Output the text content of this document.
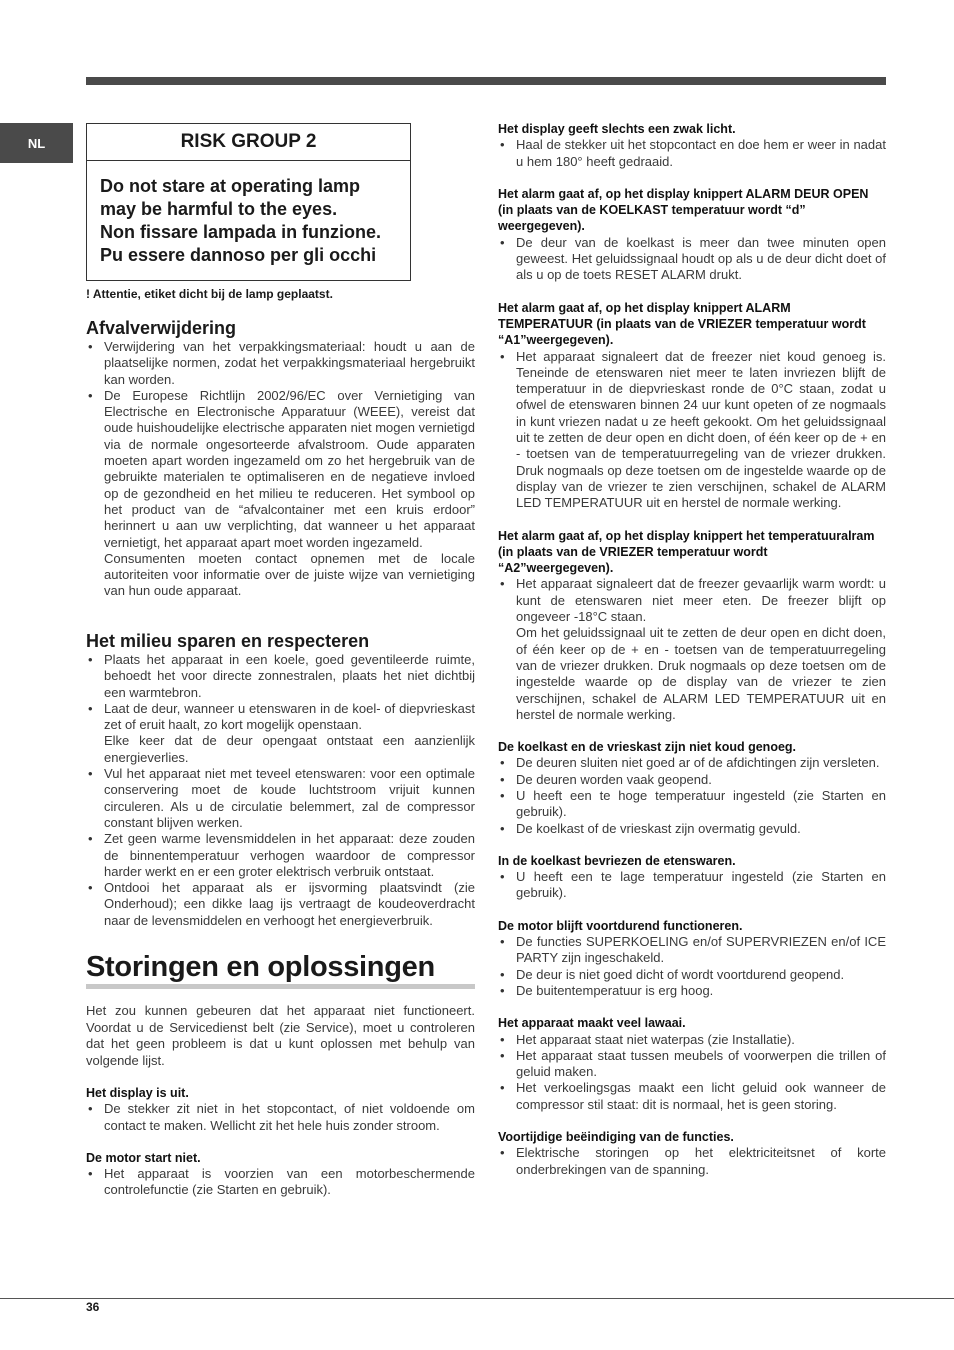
NL	RISK GROUP 2
Do not stare at operating lamp
may be harmful to the eyes.
Non fissare lampada in funzione.
Pu essere dannoso per gli occhi
! Attentie, etiket dicht bij de lamp geplaatst.
Afvalverwijdering
• Verwijdering van het verpakkingsmateriaal: houdt u aan de plaatselijke normen, zodat het verpakkingsmateriaal hergebruikt kan worden.
• De Europese Richtlijn 2002/96/EC over Vernietiging van Electrische en Electronische Apparatuur (WEEE), vereist dat oude huishoudelijke electrische apparaten niet mogen vernietigd via de normale ongesorteerde afvalstroom. Oude apparaten moeten apart worden ingezameld om zo het hergebruik van de gebruikte materialen te optimaliseren en de negatieve invloed op de gezondheid en het milieu te reduceren. Het symbool op het product van de “afvalcontainer met een kruis erdoor” herinnert u aan uw verplichting, dat wanneer u het apparaat vernietigt, het apparaat apart moet worden ingezameld.
Consumenten moeten contact opnemen met de locale autoriteiten voor informatie over de juiste wijze van vernietiging van hun oude apparaat.
Het milieu sparen en respecteren
• Plaats het apparaat in een koele, goed geventileerde ruimte, behoedt het voor directe zonnestralen, plaats het niet dichtbij een warmtebron.
• Laat de deur, wanneer u etenswaren in de koel- of diepvrieskast zet of eruit haalt, zo kort mogelijk openstaan.
Elke keer dat de deur opengaat ontstaat een aanzienlijk energieverlies.
• Vul het apparaat niet met teveel etenswaren: voor een optimale conservering moet de koude luchtstroom vrijuit kunnen circuleren. Als u de circulatie belemmert, zal de compressor constant blijven werken.
• Zet geen warme levensmiddelen in het apparaat: deze zouden de binnentemperatuur verhogen waardoor de compressor harder werkt en er een groter elektrisch verbruik ontstaat.
• Ontdooi het apparaat als er ijsvorming plaatsvindt (zie Onderhoud); een dikke laag ijs vertraagt de koudeoverdracht naar de levensmiddelen en verhoogt het energieverbruik.
Storingen en oplossingen

Het zou kunnen gebeuren dat het apparaat niet functioneert. Voordat u de Servicedienst belt (zie Service), moet u controleren dat het geen probleem is dat u kunt oplossen met behulp van volgende lijst.

Het display is uit.
• De stekker zit niet in het stopcontact, of niet voldoende om contact te maken. Wellicht zit het hele huis zonder stroom.
De motor start niet.
• Het apparaat is voorzien van een motorbeschermende controlefunctie (zie Starten en gebruik).
Het display geeft slechts een zwak licht.
• Haal de stekker uit het stopcontact en doe hem er weer in nadat u hem 180° heeft gedraaid.
Het alarm gaat af, op het display knippert ALARM DEUR OPEN (in plaats van de KOELKAST temperatuur wordt “d” weergegeven).
• De deur van de koelkast is meer dan twee minuten open geweest. Het geluidssignaal houdt op als u de deur dicht doet of als u op de toets RESET ALARM drukt.
Het alarm gaat af, op het display knippert ALARM TEMPERATUUR (in plaats van de VRIEZER temperatuur wordt “A1”weergegeven).
• Het apparaat signaleert dat de freezer niet koud genoeg is. Teneinde de etenswaren niet meer te laten invriezen blijft de temperatuur in de diepvrieskast ronde de 0°C staan, zodat u ofwel de etenswaren binnen 24 uur kunt opeten of ze nogmaals in kunt vriezen nadat u ze heeft gekookt. Om het geluidssignaal uit te zetten de deur open en dicht doen, of één keer op de + en - toetsen van de temperatuurregeling van de vriezer drukken. Druk nogmaals op deze toetsen om de ingestelde waarde op de display van de vriezer te zien verschijnen, schakel de ALARM LED TEMPERATUUR uit en herstel de normale werking.
Het alarm gaat af, op het display knippert het temperatuuralram (in plaats van de VRIEZER temperatuur wordt “A2”weergegeven).
• Het apparaat signaleert dat de freezer gevaarlijk warm wordt: u kunt de etenswaren niet meer eten. De freezer blijft op ongeveer -18°C staan.
Om het geluidssignaal uit te zetten de deur open en dicht doen, of één keer op de + en - toetsen van de temperatuurregeling van de vriezer drukken. Druk nogmaals op deze toetsen om de ingestelde waarde op de display van de vriezer te zien verschijnen, schakel de ALARM LED TEMPERATUUR uit en herstel de normale werking.
De koelkast en de vrieskast zijn niet koud genoeg.
• De deuren sluiten niet goed ar of de afdichtingen zijn versleten.
• De deuren worden vaak geopend.
• U heeft een te hoge temperatuur ingesteld (zie Starten en gebruik).
• De koelkast of de vrieskast zijn overmatig gevuld.
In de koelkast bevriezen de etenswaren.
• U heeft een te lage temperatuur ingesteld (zie Starten en gebruik).
De motor blijft voortdurend functioneren.
• De functies SUPERKOELING en/of SUPERVRIEZEN en/of ICE PARTY zijn ingeschakeld.
• De deur is niet goed dicht of wordt voortdurend geopend.
• De buitentemperatuur is erg hoog.
Het apparaat maakt veel lawaai.
• Het apparaat staat niet waterpas (zie Installatie).
• Het apparaat staat tussen meubels of voorwerpen die trillen of geluid maken.
• Het verkoelingsgas maakt een licht geluid ook wanneer de compressor stil staat: dit is normaal, het is geen storing.
Voortijdige beëindiging van de functies.
• Elektrische storingen op het elektriciteitsnet of korte onderbrekingen van de spanning.
36
